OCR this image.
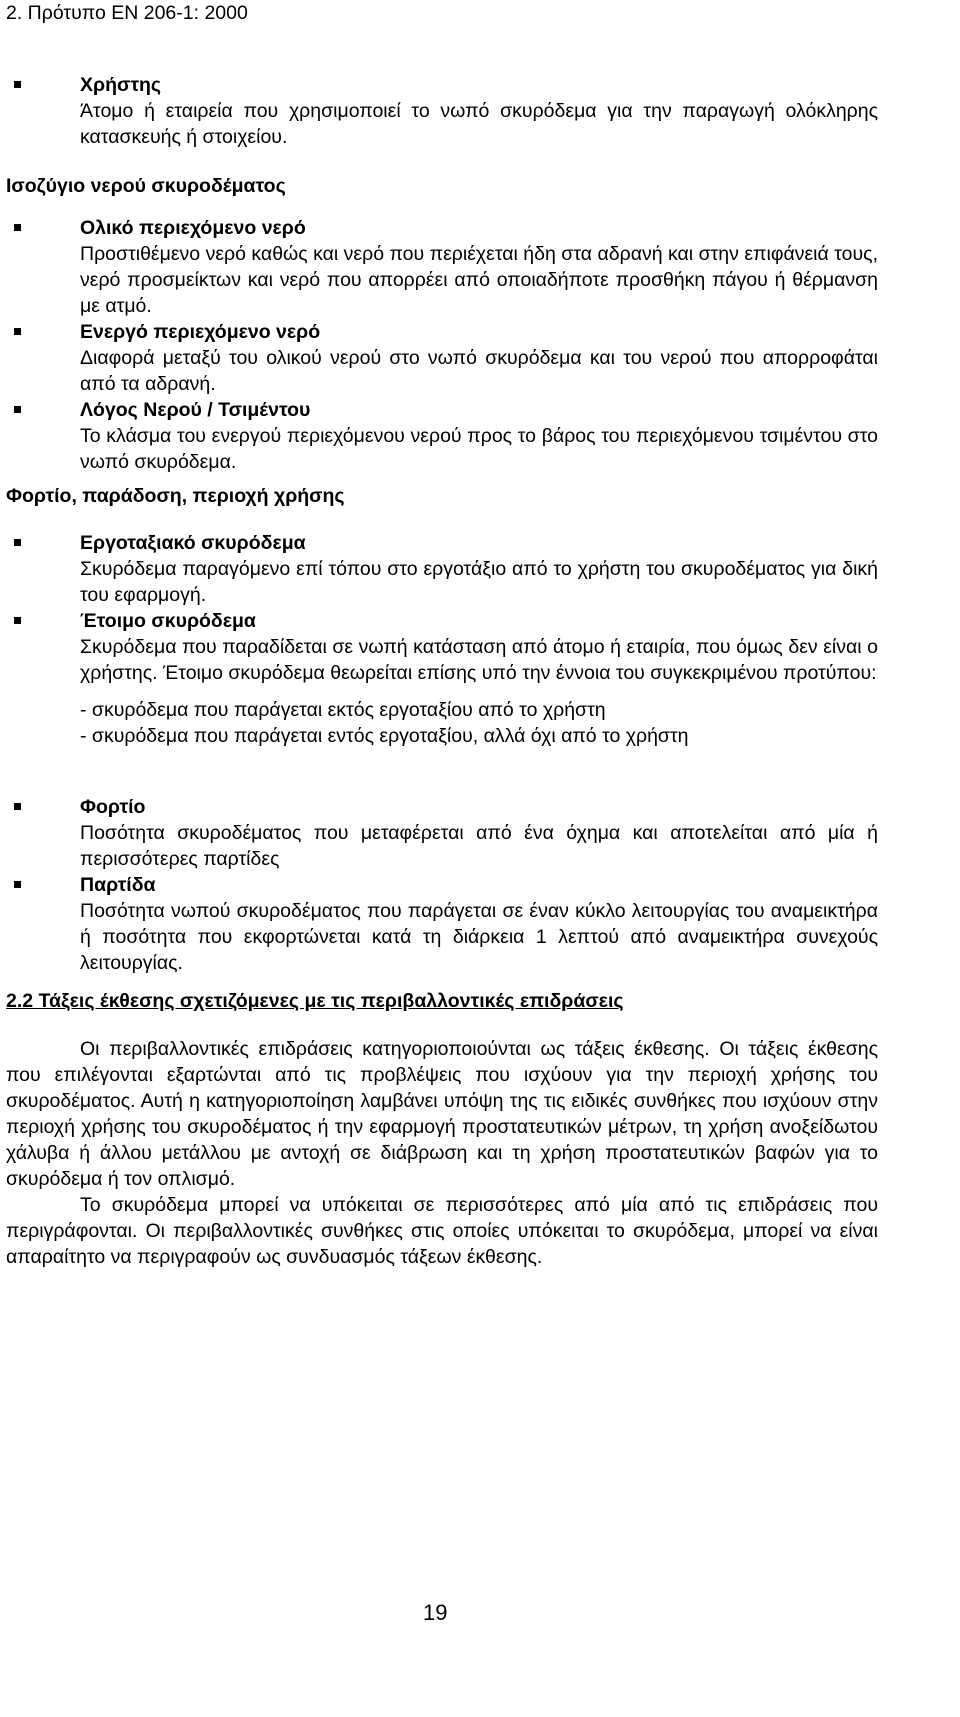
2. Πρότυπο ΕΝ 206-1: 2000
Χρήστης
Άτομο ή εταιρεία που χρησιμοποιεί το νωπό σκυρόδεμα για την παραγωγή ολόκληρης κατασκευής ή στοιχείου.
Ισοζύγιο νερού σκυροδέματος
Ολικό περιεχόμενο νερό
Προστιθέμενο νερό καθώς και νερό που περιέχεται ήδη στα αδρανή και στην επιφάνειά τους, νερό προσμείκτων και νερό που απορρέει από οποιαδήποτε προσθήκη πάγου ή θέρμανση με ατμό.
Ενεργό περιεχόμενο νερό
Διαφορά μεταξύ του ολικού νερού στο νωπό σκυρόδεμα και του νερού που απορροφάται από τα αδρανή.
Λόγος Νερού / Τσιμέντου
Το κλάσμα του ενεργού περιεχόμενου νερού προς το βάρος του περιεχόμενου τσιμέντου στο νωπό σκυρόδεμα.
Φορτίο, παράδοση, περιοχή χρήσης
Εργοταξιακό σκυρόδεμα
Σκυρόδεμα παραγόμενο επί τόπου στο εργοτάξιο από το χρήστη του σκυροδέματος για δική του εφαρμογή.
Έτοιμο σκυρόδεμα
Σκυρόδεμα που παραδίδεται σε νωπή κατάσταση από άτομο ή εταιρία, που όμως δεν είναι ο χρήστης. Έτοιμο σκυρόδεμα θεωρείται επίσης υπό την έννοια του συγκεκριμένου προτύπου:
- σκυρόδεμα που παράγεται εκτός εργοταξίου από το χρήστη
- σκυρόδεμα που παράγεται εντός εργοταξίου, αλλά όχι από το χρήστη
Φορτίο
Ποσότητα σκυροδέματος που μεταφέρεται από ένα όχημα και αποτελείται από μία ή περισσότερες παρτίδες
Παρτίδα
Ποσότητα νωπού σκυροδέματος που παράγεται σε έναν κύκλο λειτουργίας του αναμεικτήρα ή ποσότητα που εκφορτώνεται κατά τη διάρκεια 1 λεπτού από αναμεικτήρα συνεχούς λειτουργίας.
2.2 Τάξεις έκθεσης σχετιζόμενες με τις περιβαλλοντικές επιδράσεις
Οι περιβαλλοντικές επιδράσεις κατηγοριοποιούνται ως τάξεις έκθεσης. Οι τάξεις έκθεσης που επιλέγονται εξαρτώνται από τις προβλέψεις που ισχύουν για την περιοχή χρήσης του σκυροδέματος. Αυτή η κατηγοριοποίηση λαμβάνει υπόψη της τις ειδικές συνθήκες που ισχύουν στην περιοχή χρήσης του σκυροδέματος ή την εφαρμογή προστατευτικών μέτρων, τη χρήση ανοξείδωτου χάλυβα ή άλλου μετάλλου με αντοχή σε διάβρωση και τη χρήση προστατευτικών βαφών για το σκυρόδεμα ή τον οπλισμό.
Το σκυρόδεμα μπορεί να υπόκειται σε περισσότερες από μία από τις επιδράσεις που περιγράφονται. Οι περιβαλλοντικές συνθήκες στις οποίες υπόκειται το σκυρόδεμα, μπορεί να είναι απαραίτητο να περιγραφούν ως συνδυασμός τάξεων έκθεσης.
19
